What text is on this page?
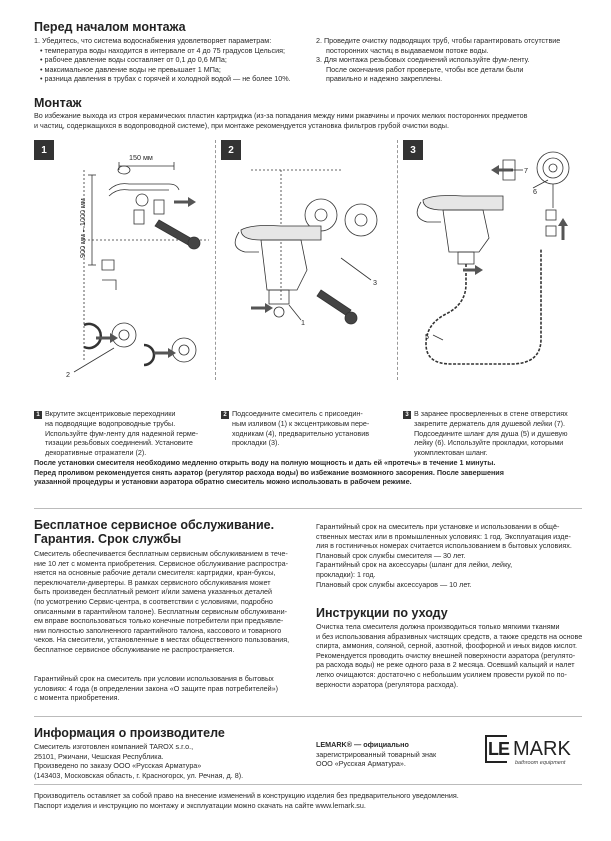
Перед началом монтажа
1. Убедитесь, что система водоснабжения удовлетворяет параметрам:
• температура воды находится в интервале от 4 до 75 градусов Цельсия;
• рабочее давление воды составляет от 0,1 до 0,6 МПа;
• максимальное давление воды не превышает 1 МПа;
• разница давления в трубах с горячей и холодной водой — не более 10%.
2. Проведите очистку подводящих труб, чтобы гарантировать отсутствие
посторонних частиц в выдаваемом потоке воды.
3. Для монтажа резьбовых соединений используйте фум-ленту.
После окончания работ проверьте, чтобы все детали были
правильно и надежно закреплены.
Монтаж
Во избежание выхода из строя керамических пластин картриджа (из-за попадания между ними ржавчины и прочих мелких посторонних предметов
и частиц, содержащихся в водопроводной системе), при монтаже рекомендуется установка фильтров грубой очистки воды.
1
150 мм
900 мм – 1000 мм
2
2
1
3
3
7
6
5
1 Вкрутите эксцентриковые переходники
на подводящие водопроводные трубы.
Используйте фум-ленту для надежной герме-
тизации резьбовых соединений. Установите
декоративные отражатели (2).
2 Подсоедините смеситель с присоедин-
ным изливом (1) к эксцентриковым пере-
ходникам (4), предварительно установив
прокладки (3).
3 В заранее просверленных в стене отверстиях
закрепите держатель для душевой лейки (7).
Подсоедините шланг для душа (5) и душевую
лейку (6). Используйте прокладки, которыми
укомплектован шланг.
После установки смесителя необходимо медленно открыть воду на полную мощность и дать ей «протечь» в течение 1 минуты.
Перед проливом рекомендуется снять аэратор (регулятор расхода воды) во избежание возможного засорения. После завершения
указанной процедуры и установки аэратора обратно смеситель можно использовать в рабочем режиме.
Бесплатное сервисное обслуживание.
Гарантия. Срок службы
Смеситель обеспечивается бесплатным сервисным обслуживанием в тече-
ние 10 лет с момента приобретения. Сервисное обслуживание распростра-
няется на основные рабочие детали смесителя: картриджи, кран-буксы,
переключатели-дивертеры. В рамках сервисного обслуживания может
быть произведен бесплатный ремонт и/или замена указанных деталей
(по усмотрению Сервис-центра, в соответствии с условиями, подробно
описанными в гарантийном талоне). Бесплатным сервисным обслуживани-
ем вправе воспользоваться только конечные потребители при предъявле-
нии полностью заполненного гарантийного талона, кассового и товарного
чеков. На смесители, установленные в местах общественного пользования,
бесплатное сервисное обслуживание не распространяется.
Гарантийный срок на смеситель при условии использования в бытовых
условиях: 4 года (в определении закона «О защите прав потребителей»)
с момента приобретения.
Гарантийный срок на смеситель при установке и использовании в общё-
ственных местах или в промышленных условиях: 1 год. Эксплуатация изде-
лия в гостиничных номерах считается использованием в бытовых условиях.
Плановый срок службы смесителя — 30 лет.
Гарантийный срок на аксессуары (шланг для лейки, лейку,
прокладки): 1 год.
Плановый срок службы аксессуаров — 10 лет.
Инструкции по уходу
Очистка тела смесителя должна производиться только мягкими тканями
и без использования абразивных чистящих средств, а также средств на основе
спирта, аммония, соляной, серной, азотной, фосфорной и иных видов кислот.
Рекомендуется проводить очистку внешней поверхности аэратора (регулято-
ра расхода воды) не реже одного раза в 2 месяца. Осевший кальций и налет
легко очищаются: достаточно с небольшим усилием провести рукой по по-
верхности аэратора (регулятора расхода).
Информация о производителе
Смеситель изготовлен компанией TAROX s.r.o.,
25101, Ржичани, Чешская Республика.
Произведено по заказу ООО «Русская Арматура»
(143403, Московская область, г. Красногорск, ул. Речная, д. 8).
LEMARK® — официально
зарегистрированный товарный знак
ООО «Русская Арматура».
LE MARK
bathroom equipment
Производитель оставляет за собой право на внесение изменений в конструкцию изделия без предварительного уведомления.
Паспорт изделия и инструкцию по монтажу и эксплуатации можно скачать на сайте www.lemark.su.
